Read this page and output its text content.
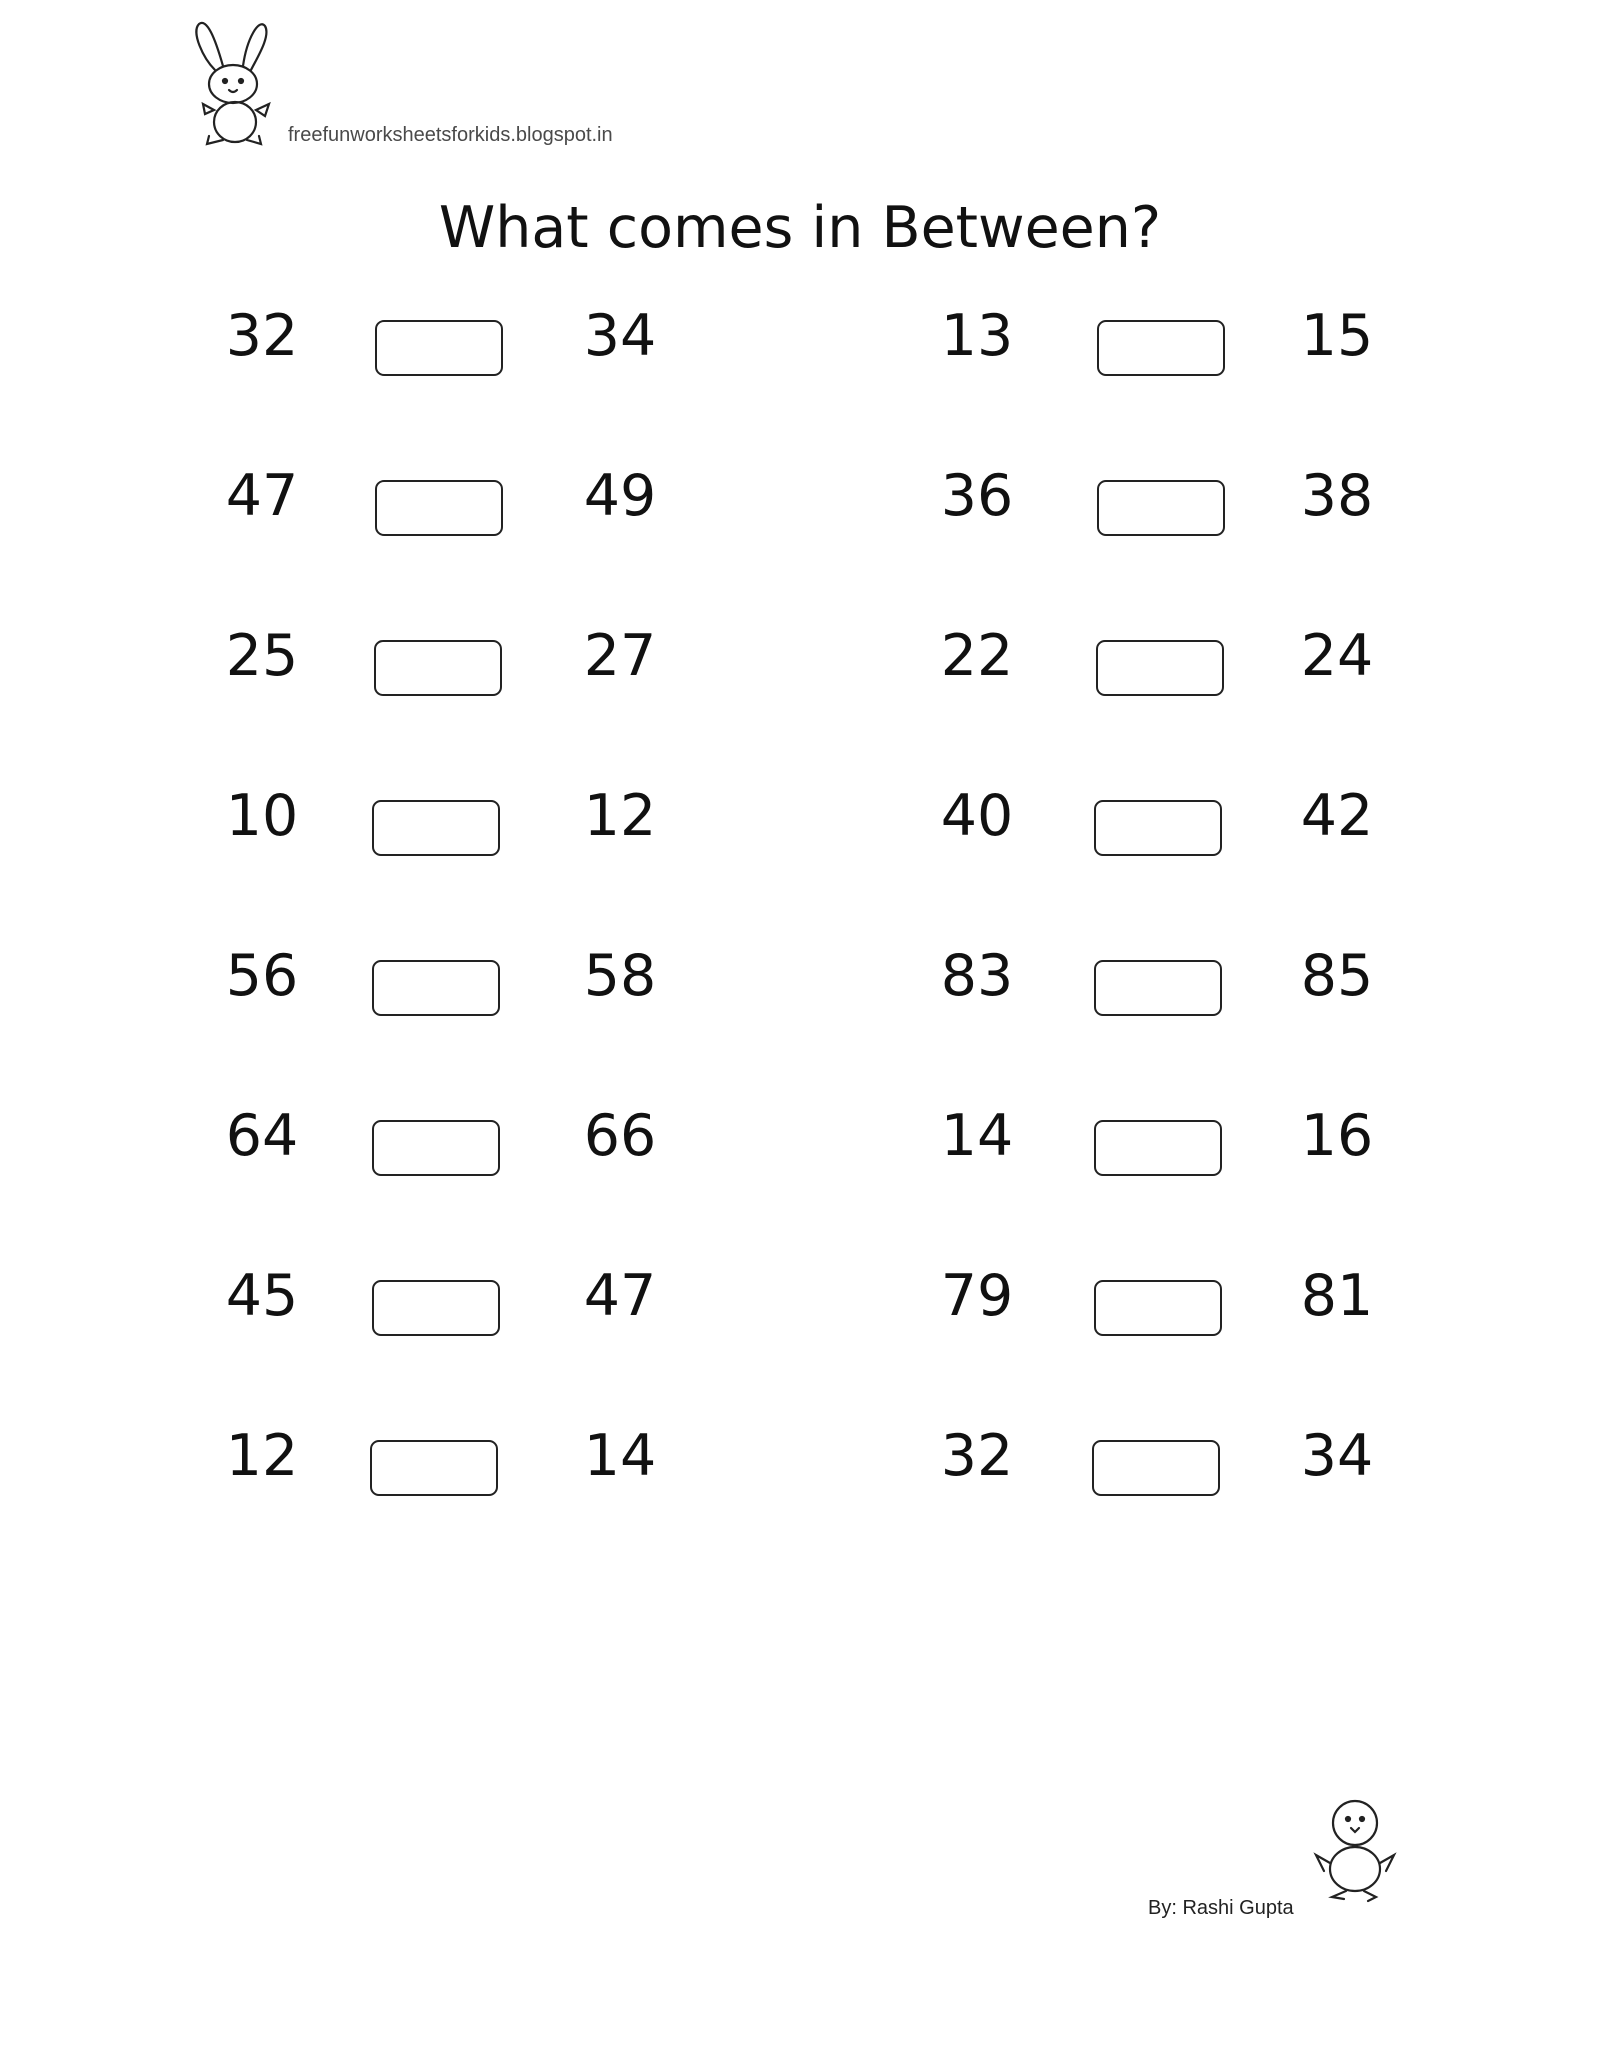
freefunworksheetsforkids.blogspot.in
What comes in Between?
32	34
47	49
25	27
10	12
56	58
64	66
45	47
12	14
13	15
36	38
22	24
40	42
83	85
14	16
79	81
32	34
By: Rashi Gupta
